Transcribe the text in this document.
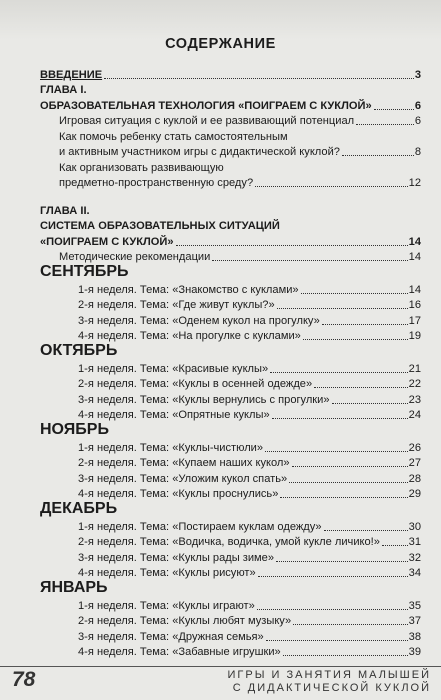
СОДЕРЖАНИЕ
ВВЕДЕНИЕ	3
ГЛАВА I.
ОБРАЗОВАТЕЛЬНАЯ ТЕХНОЛОГИЯ «ПОИГРАЕМ С КУКЛОЙ»	6
Игровая ситуация с куклой и ее развивающий потенциал	6
Как помочь ребенку стать самостоятельным
и активным участником игры с дидактической куклой?	8
Как организовать развивающую
предметно-пространственную среду?	12
ГЛАВА II.
СИСТЕМА ОБРАЗОВАТЕЛЬНЫХ СИТУАЦИЙ
«ПОИГРАЕМ С КУКЛОЙ»	14
Методические рекомендации	14
СЕНТЯБРЬ
1-я неделя. Тема: «Знакомство с куклами»	14
2-я неделя. Тема: «Где живут куклы?»	16
3-я неделя. Тема: «Оденем кукол на прогулку»	17
4-я неделя. Тема: «На прогулке с куклами»	19
ОКТЯБРЬ
1-я неделя. Тема: «Красивые куклы»	21
2-я неделя. Тема: «Куклы в осенней одежде»	22
3-я неделя. Тема: «Куклы вернулись с прогулки»	23
4-я неделя. Тема: «Опрятные куклы»	24
НОЯБРЬ
1-я неделя. Тема: «Куклы-чистюли»	26
2-я неделя. Тема: «Купаем наших кукол»	27
3-я неделя. Тема: «Уложим кукол спать»	28
4-я неделя. Тема: «Куклы проснулись»	29
ДЕКАБРЬ
1-я неделя. Тема: «Постираем куклам одежду»	30
2-я неделя. Тема: «Водичка, водичка, умой кукле личико!»	31
3-я неделя. Тема: «Куклы рады зиме»	32
4-я неделя. Тема: «Куклы рисуют»	34
ЯНВАРЬ
1-я неделя. Тема: «Куклы играют»	35
2-я неделя. Тема: «Куклы любят музыку»	37
3-я неделя. Тема: «Дружная семья»	38
4-я неделя. Тема: «Забавные игрушки»	39
78	ИГРЫ И ЗАНЯТИЯ МАЛЫШЕЙ
С ДИДАКТИЧЕСКОЙ КУКЛОЙ
